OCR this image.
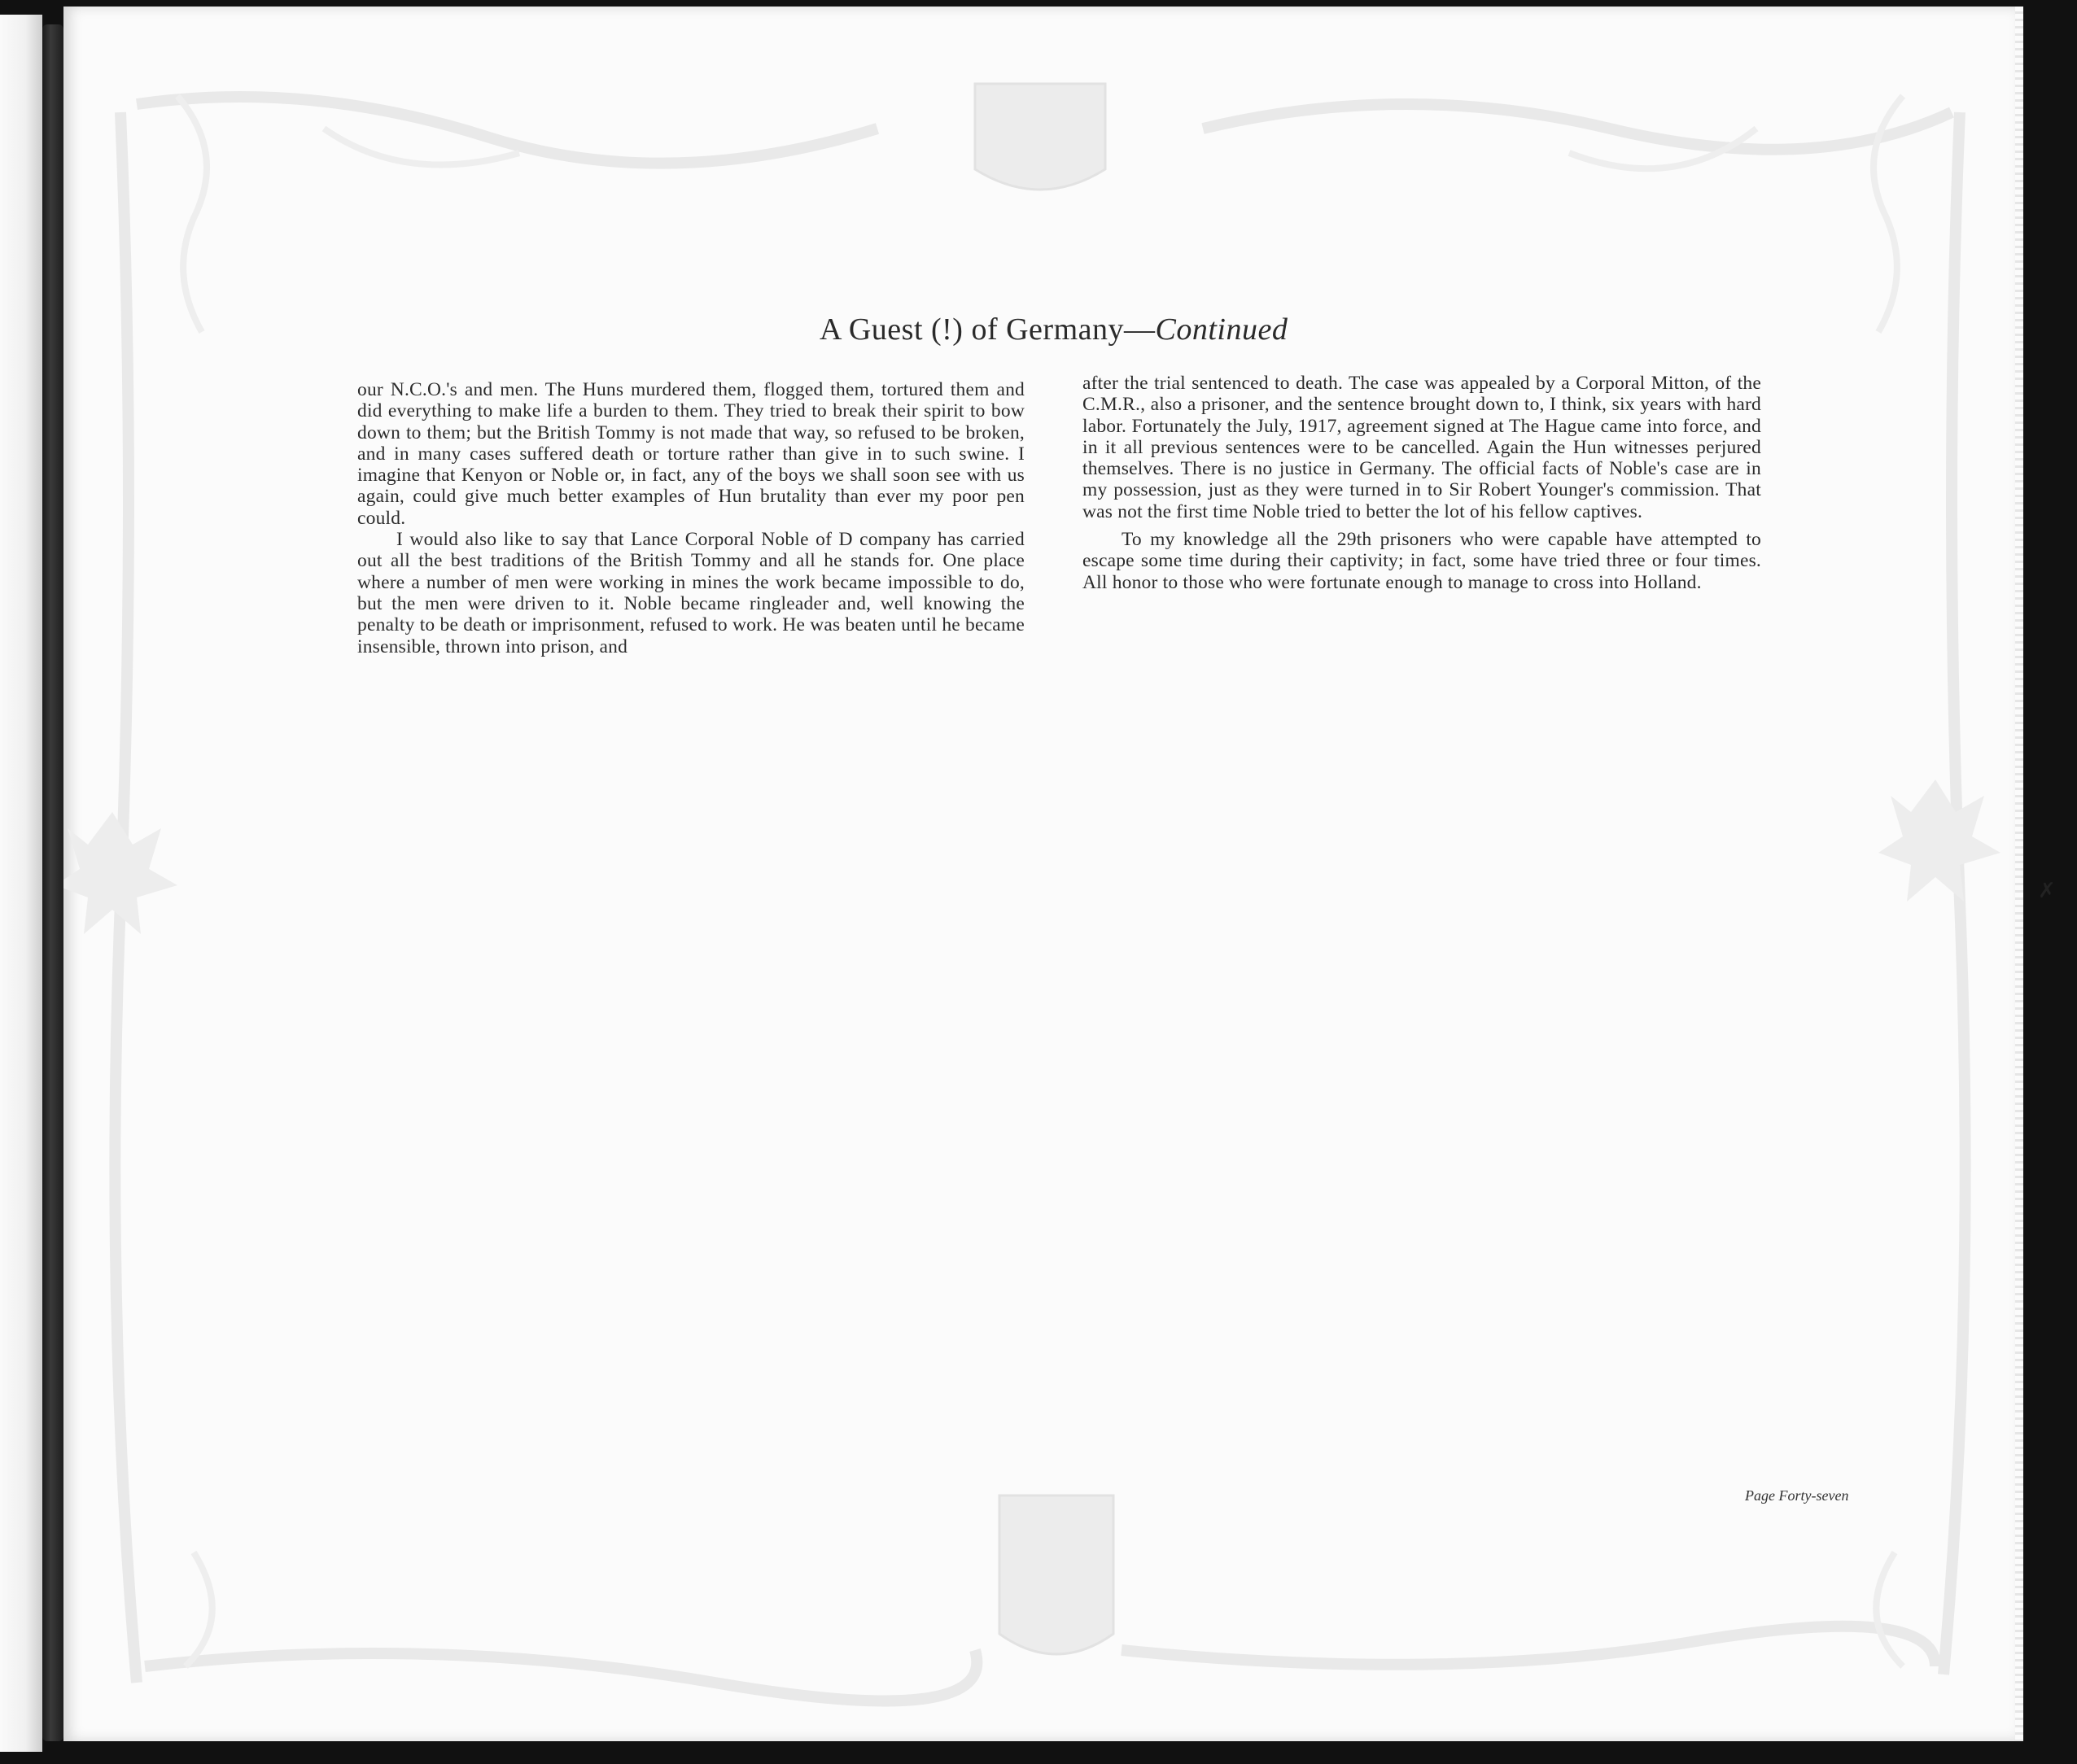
A Guest (!) of Germany—Continued

our N.C.O.'s and men. The Huns murdered them, flogged them, tortured them and did everything to make life a burden to them. They tried to break their spirit to bow down to them; but the British Tommy is not made that way, so refused to be broken, and in many cases suffered death or torture rather than give in to such swine. I imagine that Kenyon or Noble or, in fact, any of the boys we shall soon see with us again, could give much better examples of Hun brutality than ever my poor pen could.

I would also like to say that Lance Corporal Noble of D company has carried out all the best traditions of the British Tommy and all he stands for. One place where a number of men were working in mines the work became impossible to do, but the men were driven to it. Noble became ringleader and, well knowing the penalty to be death or imprisonment, refused to work. He was beaten until he became insensible, thrown into prison, and

after the trial sentenced to death. The case was appealed by a Corporal Mitton, of the C.M.R., also a prisoner, and the sentence brought down to, I think, six years with hard labor. Fortunately the July, 1917, agreement signed at The Hague came into force, and in it all previous sentences were to be cancelled. Again the Hun witnesses perjured themselves. There is no justice in Germany. The official facts of Noble's case are in my possession, just as they were turned in to Sir Robert Younger's commission. That was not the first time Noble tried to better the lot of his fellow captives.

To my knowledge all the 29th prisoners who were capable have attempted to escape some time during their captivity; in fact, some have tried three or four times. All honor to those who were fortunate enough to manage to cross into Holland.

Page Forty-seven
✗
